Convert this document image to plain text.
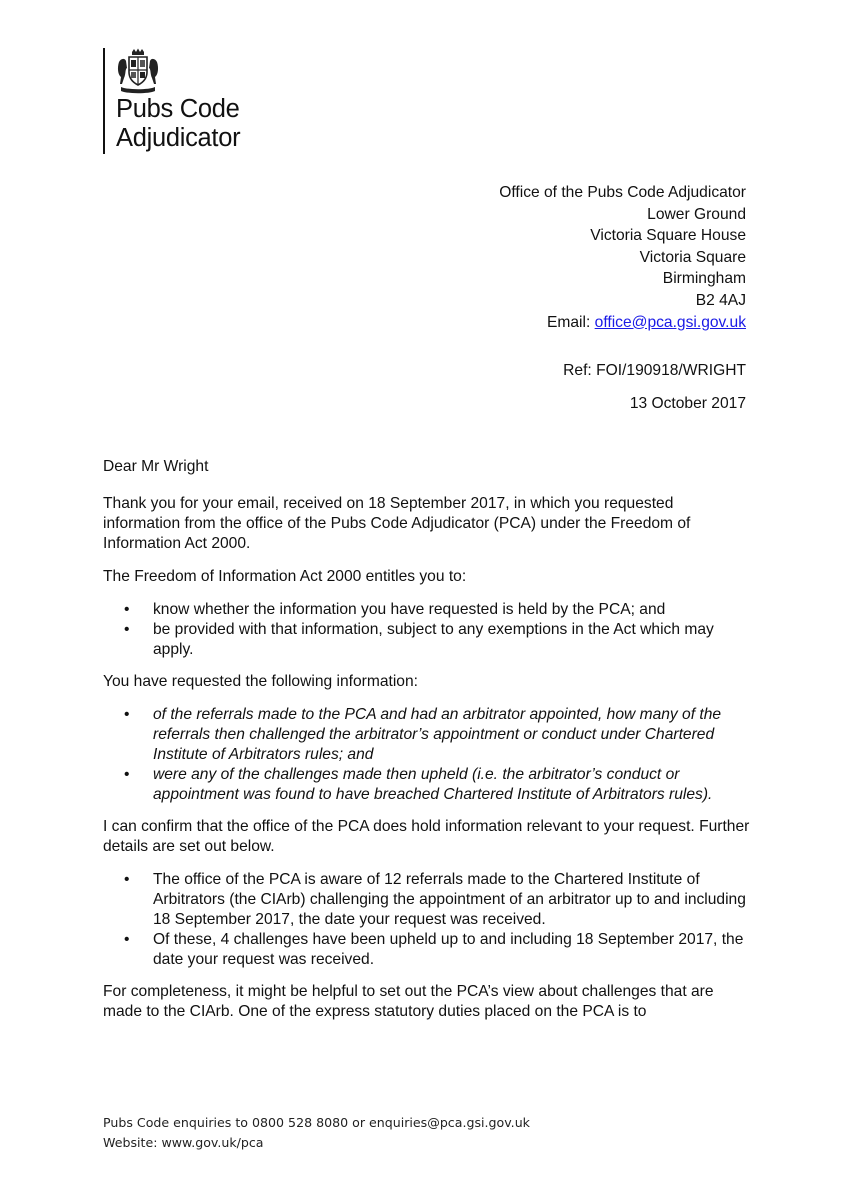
Pubs Code
Adjudicator
Office of the Pubs Code Adjudicator
Lower Ground
Victoria Square House
Victoria Square
Birmingham
B2 4AJ
Email: office@pca.gsi.gov.uk
Ref: FOI/190918/WRIGHT
13 October 2017

Dear Mr Wright

Thank you for your email, received on 18 September 2017, in which you requested information from the office of the Pubs Code Adjudicator (PCA) under the Freedom of Information Act 2000.

The Freedom of Information Act 2000 entitles you to:

• know whether the information you have requested is held by the PCA; and
• be provided with that information, subject to any exemptions in the Act which may apply.

You have requested the following information:

• of the referrals made to the PCA and had an arbitrator appointed, how many of the referrals then challenged the arbitrator’s appointment or conduct under Chartered Institute of Arbitrators rules; and
• were any of the challenges made then upheld (i.e. the arbitrator’s conduct or appointment was found to have breached Chartered Institute of Arbitrators rules).

I can confirm that the office of the PCA does hold information relevant to your request. Further details are set out below.

• The office of the PCA is aware of 12 referrals made to the Chartered Institute of Arbitrators (the CIArb) challenging the appointment of an arbitrator up to and including 18 September 2017, the date your request was received.
• Of these, 4 challenges have been upheld up to and including 18 September 2017, the date your request was received.

For completeness, it might be helpful to set out the PCA’s view about challenges that are made to the CIArb. One of the express statutory duties placed on the PCA is to

Pubs Code enquiries to 0800 528 8080 or enquiries@pca.gsi.gov.uk
Website: www.gov.uk/pca
